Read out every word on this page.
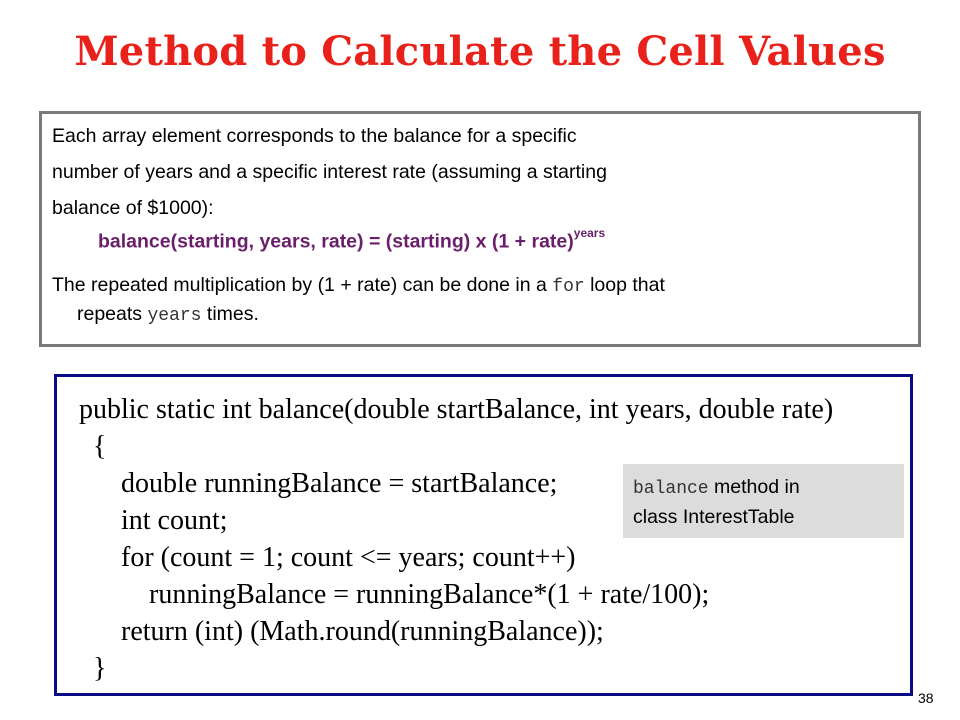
Method to Calculate the Cell Values
Each array element corresponds to the balance for a specific
number of years and a specific interest rate (assuming a starting
balance of $1000):
balance(starting, years, rate) = (starting) x (1 + rate)$^{years}$
The repeated multiplication by (1 + rate) can be done in a for loop that
repeats years times.
public static int balance(double startBalance, int years, double rate)
{
double runningBalance = startBalance;
int count;
for (count = 1; count <= years; count++)
runningBalance = runningBalance*(1 + rate/100);
return (int) (Math.round(runningBalance));
}
balance method in
class InterestTable
38
